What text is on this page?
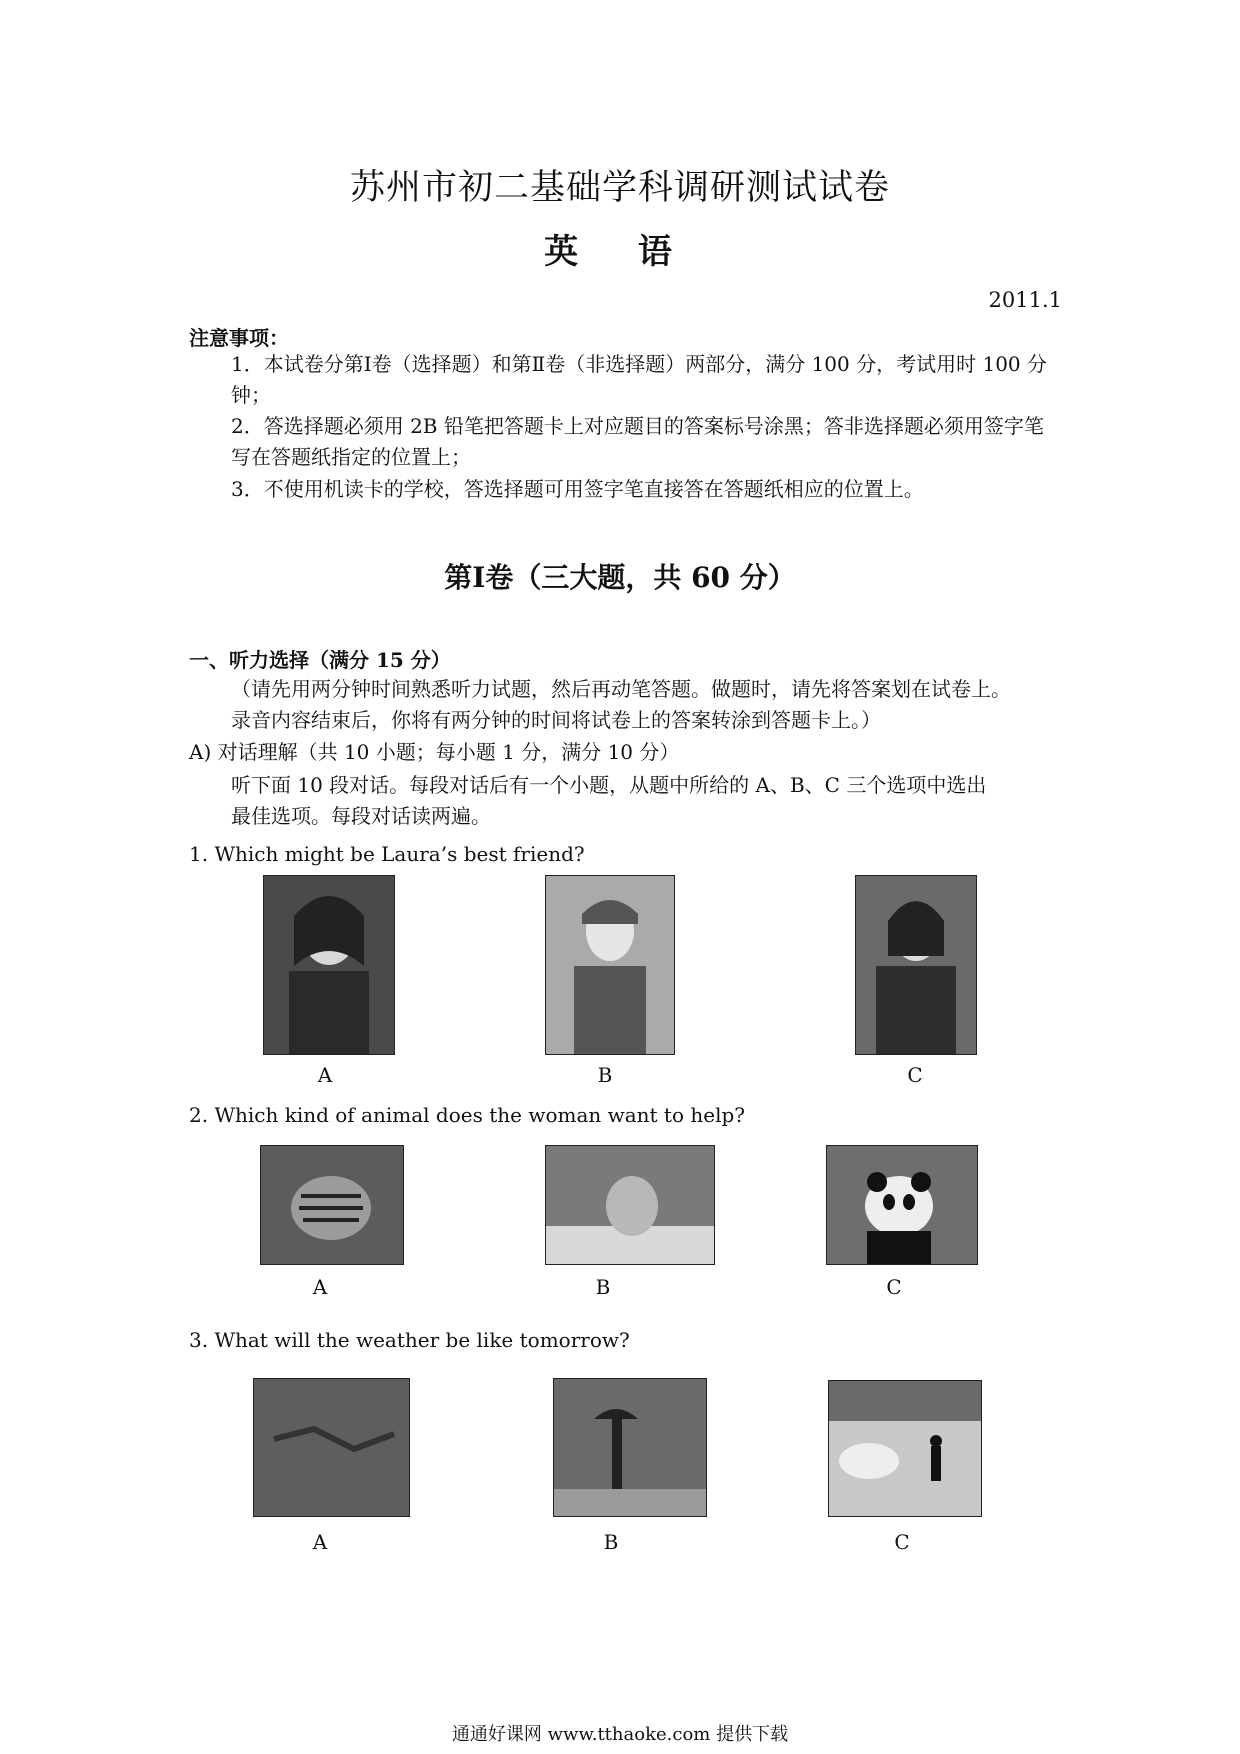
苏州市初二基础学科调研测试试卷
英 语
2011.1
注意事项：
1．本试卷分第Ⅰ卷（选择题）和第Ⅱ卷（非选择题）两部分，满分 100 分，考试用时 100 分钟；
2．答选择题必须用 2B 铅笔把答题卡上对应题目的答案标号涂黑；答非选择题必须用签字笔写在答题纸指定的位置上；
3．不使用机读卡的学校，答选择题可用签字笔直接答在答题纸相应的位置上。
第Ⅰ卷（三大题，共 60 分）
一、听力选择（满分 15 分）
（请先用两分钟时间熟悉听力试题，然后再动笔答题。做题时，请先将答案划在试卷上。
录音内容结束后，你将有两分钟的时间将试卷上的答案转涂到答题卡上。）
A) 对话理解（共 10 小题；每小题 1 分，满分 10 分）
听下面 10 段对话。每段对话后有一个小题，从题中所给的 A、B、C 三个选项中选出
最佳选项。每段对话读两遍。
1. Which might be Laura’s best friend?
A	B	C
2. Which kind of animal does the woman want to help?
A	B	C
3. What will the weather be like tomorrow?
A	B	C
通通好课网 www.tthaoke.com 提供下载
